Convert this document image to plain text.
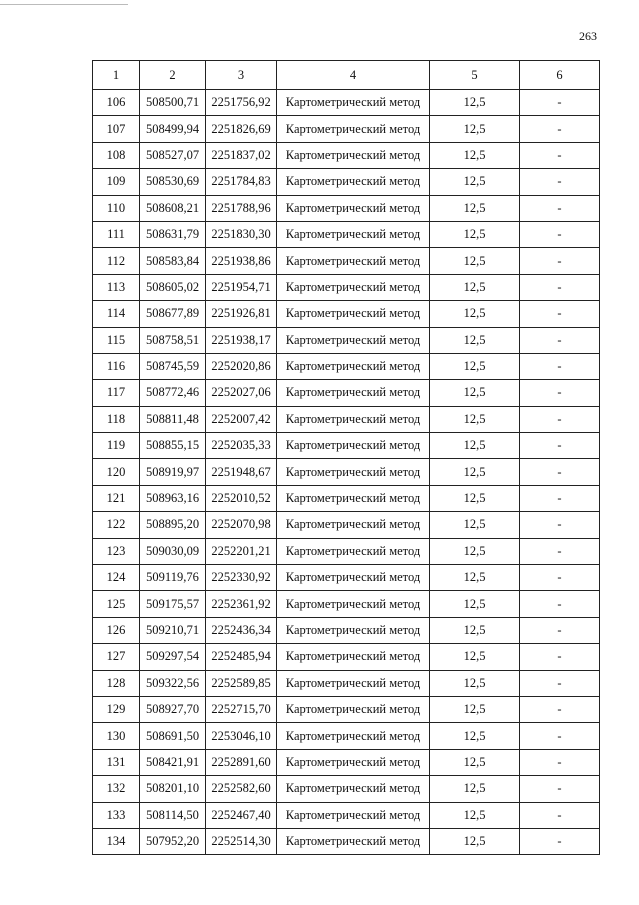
263
1	2	3	4	5	6
106	508500,71	2251756,92	Картометрический метод	12,5	-
107	508499,94	2251826,69	Картометрический метод	12,5	-
108	508527,07	2251837,02	Картометрический метод	12,5	-
109	508530,69	2251784,83	Картометрический метод	12,5	-
110	508608,21	2251788,96	Картометрический метод	12,5	-
111	508631,79	2251830,30	Картометрический метод	12,5	-
112	508583,84	2251938,86	Картометрический метод	12,5	-
113	508605,02	2251954,71	Картометрический метод	12,5	-
114	508677,89	2251926,81	Картометрический метод	12,5	-
115	508758,51	2251938,17	Картометрический метод	12,5	-
116	508745,59	2252020,86	Картометрический метод	12,5	-
117	508772,46	2252027,06	Картометрический метод	12,5	-
118	508811,48	2252007,42	Картометрический метод	12,5	-
119	508855,15	2252035,33	Картометрический метод	12,5	-
120	508919,97	2251948,67	Картометрический метод	12,5	-
121	508963,16	2252010,52	Картометрический метод	12,5	-
122	508895,20	2252070,98	Картометрический метод	12,5	-
123	509030,09	2252201,21	Картометрический метод	12,5	-
124	509119,76	2252330,92	Картометрический метод	12,5	-
125	509175,57	2252361,92	Картометрический метод	12,5	-
126	509210,71	2252436,34	Картометрический метод	12,5	-
127	509297,54	2252485,94	Картометрический метод	12,5	-
128	509322,56	2252589,85	Картометрический метод	12,5	-
129	508927,70	2252715,70	Картометрический метод	12,5	-
130	508691,50	2253046,10	Картометрический метод	12,5	-
131	508421,91	2252891,60	Картометрический метод	12,5	-
132	508201,10	2252582,60	Картометрический метод	12,5	-
133	508114,50	2252467,40	Картометрический метод	12,5	-
134	507952,20	2252514,30	Картометрический метод	12,5	-
